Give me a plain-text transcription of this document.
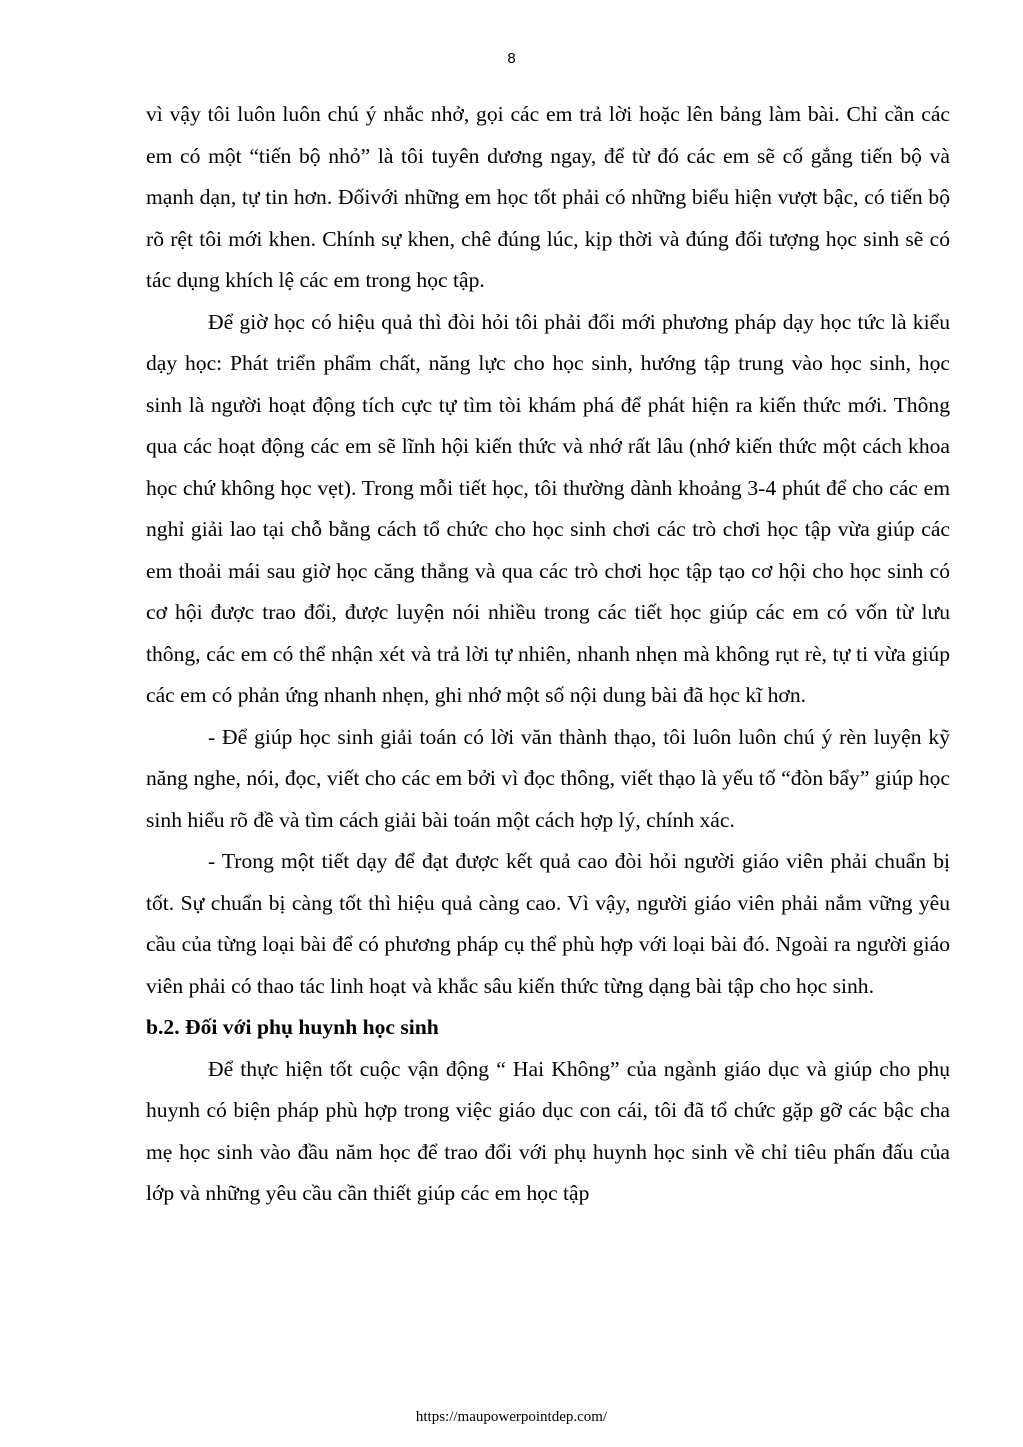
8

vì vậy tôi luôn luôn chú ý nhắc nhở, gọi các em trả lời hoặc lên bảng làm bài. Chỉ cần các em có một “tiến bộ nhỏ” là tôi tuyên dương ngay, để từ đó các em sẽ cố gắng tiến bộ và mạnh dạn, tự tin hơn. Đốivới những em học tốt phải có những biểu hiện vượt bậc, có tiến bộ rõ rệt tôi mới khen. Chính sự khen, chê đúng lúc, kịp thời và đúng đối tượng học sinh sẽ có tác dụng khích lệ các em trong học tập.

Để giờ học có hiệu quả thì đòi hỏi tôi phải đổi mới phương pháp dạy học tức là kiểu dạy học: Phát triển phẩm chất, năng lực cho học sinh, hướng tập trung vào học sinh, học sinh là người hoạt động tích cực tự tìm tòi khám phá để phát hiện ra kiến thức mới. Thông qua các hoạt động các em sẽ lĩnh hội kiến thức và nhớ rất lâu (nhớ kiến thức một cách khoa học chứ không học vẹt). Trong mỗi tiết học, tôi thường dành khoảng 3-4 phút để cho các em nghỉ giải lao tại chỗ bằng cách tổ chức cho học sinh chơi các trò chơi học tập vừa giúp các em thoải mái sau giờ học căng thẳng và qua các trò chơi học tập tạo cơ hội cho học sinh có cơ hội được trao đổi, được luyện nói nhiều trong các tiết học giúp các em có vốn từ lưu thông, các em có thể nhận xét và trả lời tự nhiên, nhanh nhẹn mà không rụt rè, tự ti vừa giúp các em có phản ứng nhanh nhẹn, ghi nhớ một số nội dung bài đã học kĩ hơn.

- Để giúp học sinh giải toán có lời văn thành thạo, tôi luôn luôn chú ý rèn luyện kỹ năng nghe, nói, đọc, viết cho các em bởi vì đọc thông, viết thạo là yếu tố “đòn bẩy” giúp học sinh hiểu rõ đề và tìm cách giải bài toán một cách hợp lý, chính xác.

- Trong một tiết dạy để đạt được kết quả cao đòi hỏi người giáo viên phải chuẩn bị tốt. Sự chuẩn bị càng tốt thì hiệu quả càng cao. Vì vậy, người giáo viên phải nắm vững yêu cầu của từng loại bài để có phương pháp cụ thể phù hợp với loại bài đó. Ngoài ra người giáo viên phải có thao tác linh hoạt và khắc sâu kiến thức từng dạng bài tập cho học sinh.

b.2. Đối với phụ huynh học sinh

Để thực hiện tốt cuộc vận động “ Hai Không” của ngành giáo dục và giúp cho phụ huynh có biện pháp phù hợp trong việc giáo dục con cái, tôi đã tổ chức gặp gỡ các bậc cha mẹ học sinh vào đầu năm học để trao đổi với phụ huynh học sinh về chỉ tiêu phấn đấu của lớp và những yêu cầu cần thiết giúp các em học tập

https://maupowerpointdep.com/
